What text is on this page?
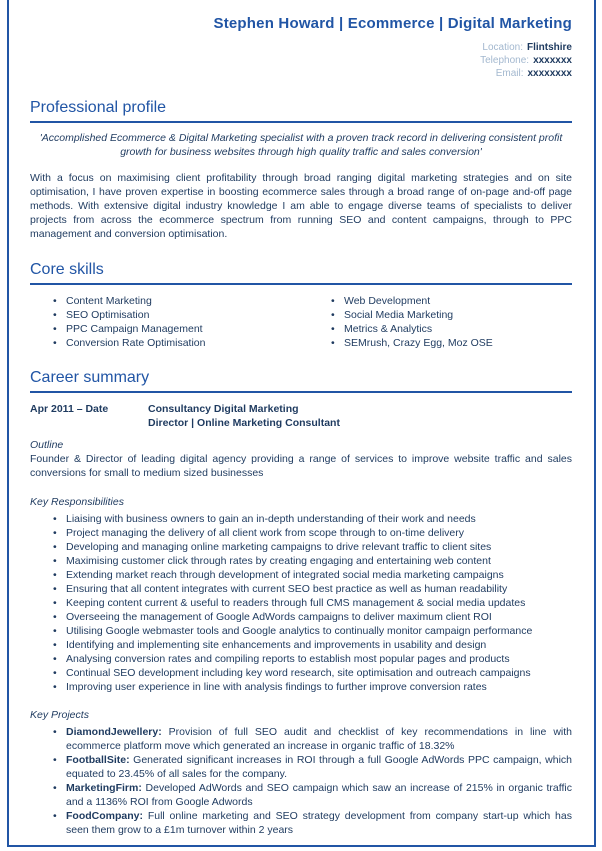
Stephen Howard | Ecommerce | Digital Marketing
Location: Flintshire
Telephone: xxxxxxx
Email: xxxxxxxx
Professional profile

'Accomplished Ecommerce & Digital Marketing specialist with a proven track record in delivering consistent profit growth for business websites through high quality traffic and sales conversion'

With a focus on maximising client profitability through broad ranging digital marketing strategies and on site optimisation, I have proven expertise in boosting ecommerce sales through a broad range of on-page and-off page methods. With extensive digital industry knowledge I am able to engage diverse teams of specialists to deliver projects from across the ecommerce spectrum from running SEO and content campaigns, through to PPC management and conversion optimisation.

Core skills
• Content Marketing
• SEO Optimisation
• PPC Campaign Management
• Conversion Rate Optimisation
• Web Development
• Social Media Marketing
• Metrics & Analytics
• SEMrush, Crazy Egg, Moz OSE
Career summary
Apr 2011 – Date	Consultancy Digital Marketing
Director | Online Marketing Consultant
Outline

Founder & Director of leading digital agency providing a range of services to improve website traffic and sales conversions for small to medium sized businesses

Key Responsibilities
• Liaising with business owners to gain an in-depth understanding of their work and needs
• Project managing the delivery of all client work from scope through to on-time delivery
• Developing and managing online marketing campaigns to drive relevant traffic to client sites
• Maximising customer click through rates by creating engaging and entertaining web content
• Extending market reach through development of integrated social media marketing campaigns
• Ensuring that all content integrates with current SEO best practice as well as human readability
• Keeping content current & useful to readers through full CMS management & social media updates
• Overseeing the management of Google AdWords campaigns to deliver maximum client ROI
• Utilising Google webmaster tools and Google analytics to continually monitor campaign performance
• Identifying and implementing site enhancements and improvements in usability and design
• Analysing conversion rates and compiling reports to establish most popular pages and products
• Continual SEO development including key word research, site optimisation and outreach campaigns
• Improving user experience in line with analysis findings to further improve conversion rates
Key Projects
• DiamondJewellery: Provision of full SEO audit and checklist of key recommendations in line with ecommerce platform move which generated an increase in organic traffic of 18.32%
• FootballSite: Generated significant increases in ROI through a full Google AdWords PPC campaign, which equated to 23.45% of all sales for the company.
• MarketingFirm: Developed AdWords and SEO campaign which saw an increase of 215% in organic traffic and a 1136% ROI from Google Adwords
• FoodCompany: Full online marketing and SEO strategy development from company start-up which has seen them grow to a £1m turnover within 2 years
